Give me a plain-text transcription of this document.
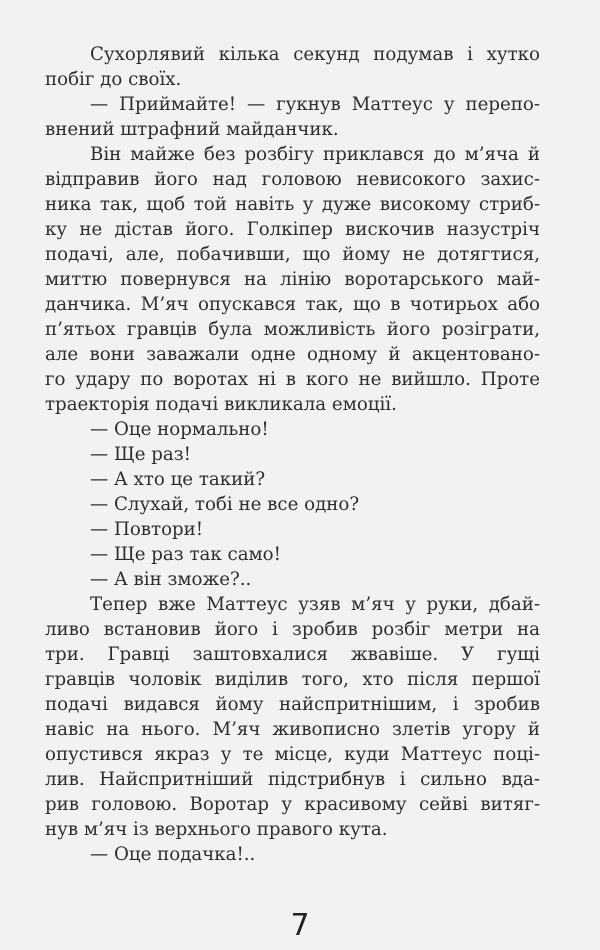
Сухорлявий кілька секунд подумав і хутко
побіг до своїх.
— Приймайте! — гукнув Маттеус у перепо-
внений штрафний майданчик.
Він майже без розбігу приклався до м’яча й
відправив його над головою невисокого захис-
ника так, щоб той навіть у дуже високому стриб-
ку не дістав його. Голкіпер вискочив назустріч
подачі, але, побачивши, що йому не дотягтися,
миттю повернувся на лінію воротарського май-
данчика. М’яч опускався так, що в чотирьох або
п’ятьох гравців була можливість його розіграти,
але вони заважали одне одному й акцентовано-
го удару по воротах ні в кого не вийшло. Проте
траекторія подачі викликала емоції.
— Оце нормально!
— Ще раз!
— А хто це такий?
— Слухай, тобі не все одно?
— Повтори!
— Ще раз так само!
— А він зможе?..
Тепер вже Маттеус узяв м’яч у руки, дбай-
ливо встановив його і зробив розбіг метри на
три. Гравці заштовхалися жвавіше. У гущі
гравців чоловік виділив того, хто після першої
подачі видався йому найспритнішим, і зробив
навіс на нього. М’яч живописно злетів угору й
опустився якраз у те місце, куди Маттеус поці-
лив. Найспритніший підстрибнув і сильно вда-
рив головою. Воротар у красивому сейві витяг-
нув м’яч із верхнього правого кута.
— Оце подачка!..
7
